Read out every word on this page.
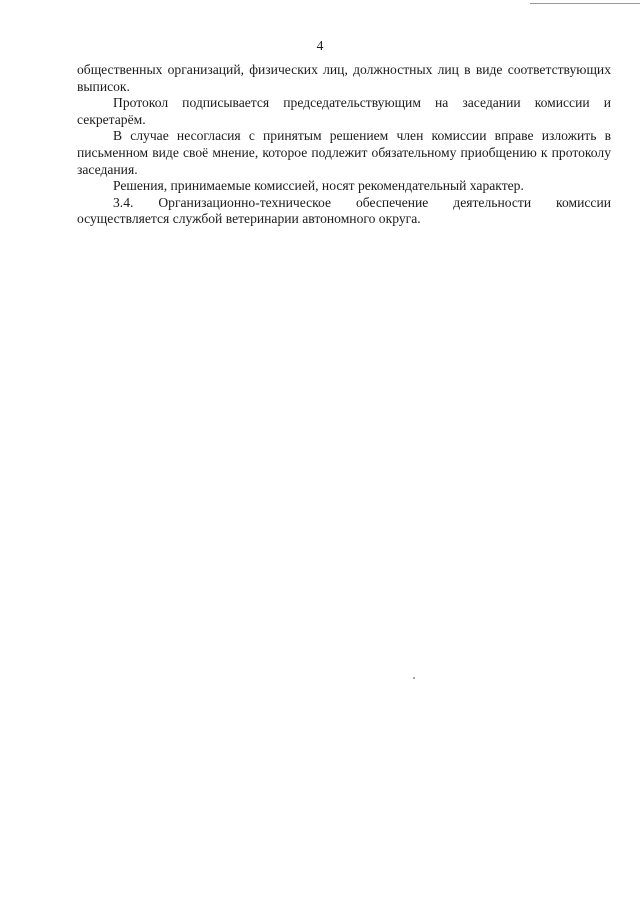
4

общественных организаций, физических лиц, должностных лиц в виде соответствующих выписок.

Протокол подписывается председательствующим на заседании комиссии и секретарём.

В случае несогласия с принятым решением член комиссии вправе изложить в письменном виде своё мнение, которое подлежит обязательному приобщению к протоколу заседания.

Решения, принимаемые комиссией, носят рекомендательный характер.

3.4. Организационно-техническое обеспечение деятельности комиссии осуществляется службой ветеринарии автономного округа.
